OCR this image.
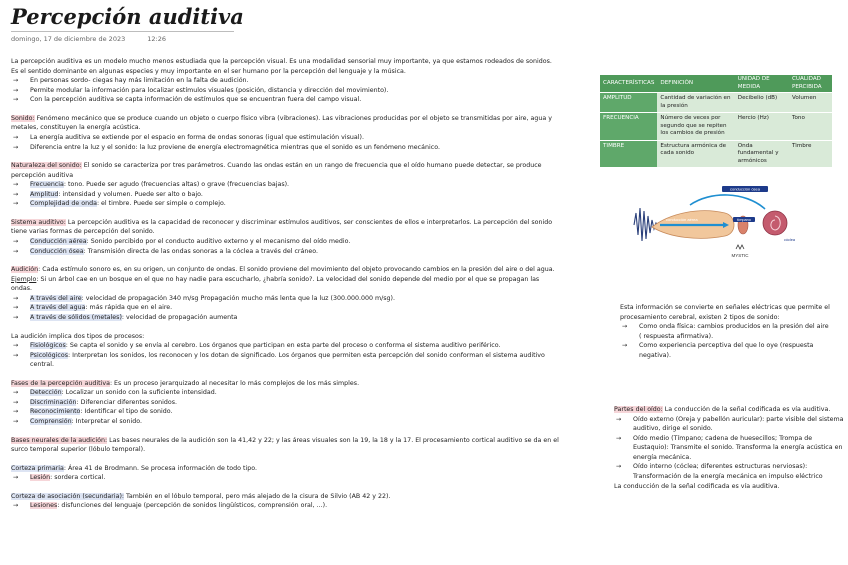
Percepción auditiva
domingo, 17 de diciembre de 2023	12:26

La percepción auditiva es un modelo mucho menos estudiada que la percepción visual. Es una modalidad sensorial muy importante, ya que estamos rodeados de sonidos. Es el sentido dominante en algunas especies y muy importante en el ser humano por la percepción del lenguaje y la música.

→	En personas sordo- ciegas hay más limitación en la falta de audición.
→	Permite modular la información para localizar estímulos visuales (posición, distancia y dirección del movimiento).
→	Con la percepción auditiva se capta información de estímulos que se encuentran fuera del campo visual.

Sonido: Fenómeno mecánico que se produce cuando un objeto o cuerpo físico vibra (vibraciones). Las vibraciones producidas por el objeto se transmitidas por aire, agua y metales, constituyen la energía acústica.

→	La energía auditiva se extiende por el espacio en forma de ondas sonoras (igual que estimulación visual).
→	Diferencia entre la luz y el sonido: la luz proviene de energía electromagnética mientras que el sonido es un fenómeno mecánico.

Naturaleza del sonido: El sonido se caracteriza por tres parámetros. Cuando las ondas están en un rango de frecuencia que el oído humano puede detectar, se produce percepción auditiva

→	Frecuencia: tono. Puede ser agudo (frecuencias altas) o grave (frecuencias bajas).
→	Amplitud: intensidad y volumen. Puede ser alto o bajo.
→	Complejidad de onda: el timbre. Puede ser simple o complejo.

Sistema auditivo: La percepción auditiva es la capacidad de reconocer y discriminar estímulos auditivos, ser conscientes de ellos e interpretarlos. La percepción del sonido tiene varias formas de percepción del sonido.

→	Conducción aérea: Sonido percibido por el conducto auditivo externo y el mecanismo del oído medio.
→	Conducción ósea: Transmisión directa de las ondas sonoras a la cóclea a través del cráneo.

Audición: Cada estímulo sonoro es, en su origen, un conjunto de ondas. El sonido proviene del movimiento del objeto provocando cambios en la presión del aire o del agua. Ejemplo: Si un árbol cae en un bosque en el que no hay nadie para escucharlo, ¿habría sonido?. La velocidad del sonido depende del medio por el que se propagan las ondas.

→	A través del aire: velocidad de propagación 340 m/sg Propagación mucho más lenta que la luz (300.000.000 m/sg).
→	A través del agua: más rápida que en el aire.
→	A través de sólidos (metales): velocidad de propagación aumenta

La audición implica dos tipos de procesos:

→	Fisiológicos: Se capta el sonido y se envía al cerebro. Los órganos que participan en esta parte del proceso o conforma el sistema auditivo periférico.
→	Psicológicos: Interpretan los sonidos, los reconocen y los dotan de significado. Los órganos que permiten esta percepción del sonido conforman el sistema auditivo central.

Fases de la percepción auditiva: Es un proceso jerarquizado al necesitar lo más complejos de los más simples.

→	Detección: Localizar un sonido con la suficiente intensidad.
→	Discriminación: Diferenciar diferentes sonidos.
→	Reconocimiento: Identificar el tipo de sonido.
→	Comprensión: Interpretar el sonido.

Bases neurales de la audición: Las bases neurales de la audición son la 41,42 y 22; y las áreas visuales son la 19, la 18 y la 17. El procesamiento cortical auditivo se da en el surco temporal superior (lóbulo temporal).

Corteza primaria: Área 41 de Brodmann. Se procesa información de todo tipo.

→	Lesión: sordera cortical.

Corteza de asociación (secundaria): También en el lóbulo temporal, pero más alejado de la cisura de Silvio (AB 42 y 22).

→	Lesiones: disfunciones del lenguaje (percepción de sonidos lingüísticos, comprensión oral, ...).
CARACTERÍSTICAS	DEFINICIÓN	UNIDAD DE MEDIDA	CUALIDAD PERCIBIDA
AMPLITUD	Cantidad de variación en la presión	Decibelio (dB)	Volumen
FRECUENCIA	Número de veces por segundo que se repiten los cambios de presión	Hercio (Hz)	Tono
TIMBRE	Estructura armónica de cada sonido	Onda fundamental y armónicos	Timbre
conducción ósea
conducción aérea	tímpano
cóclea
MYSTIC

Esta información se convierte en señales eléctricas que permite el procesamiento cerebral, existen 2 tipos de sonido:

→	Como onda física: cambios producidos en la presión del aire ( respuesta afirmativa).
→	Como experiencia perceptiva del que lo oye (respuesta negativa).

Partes del oído: La conducción de la señal codificada es vía auditiva.

→	Oído externo (Oreja y pabellón auricular): parte visible del sistema auditivo, dirige el sonido.
→	Oído medio (Tímpano; cadena de huesecillos; Trompa de Eustaquio): Transmite el sonido. Transforma la energía acústica en energía mecánica.
→	Oído interno (cóclea; diferentes estructuras nerviosas): Transformación de la energía mecánica en impulso eléctrico

La conducción de la señal codificada es vía auditiva.
